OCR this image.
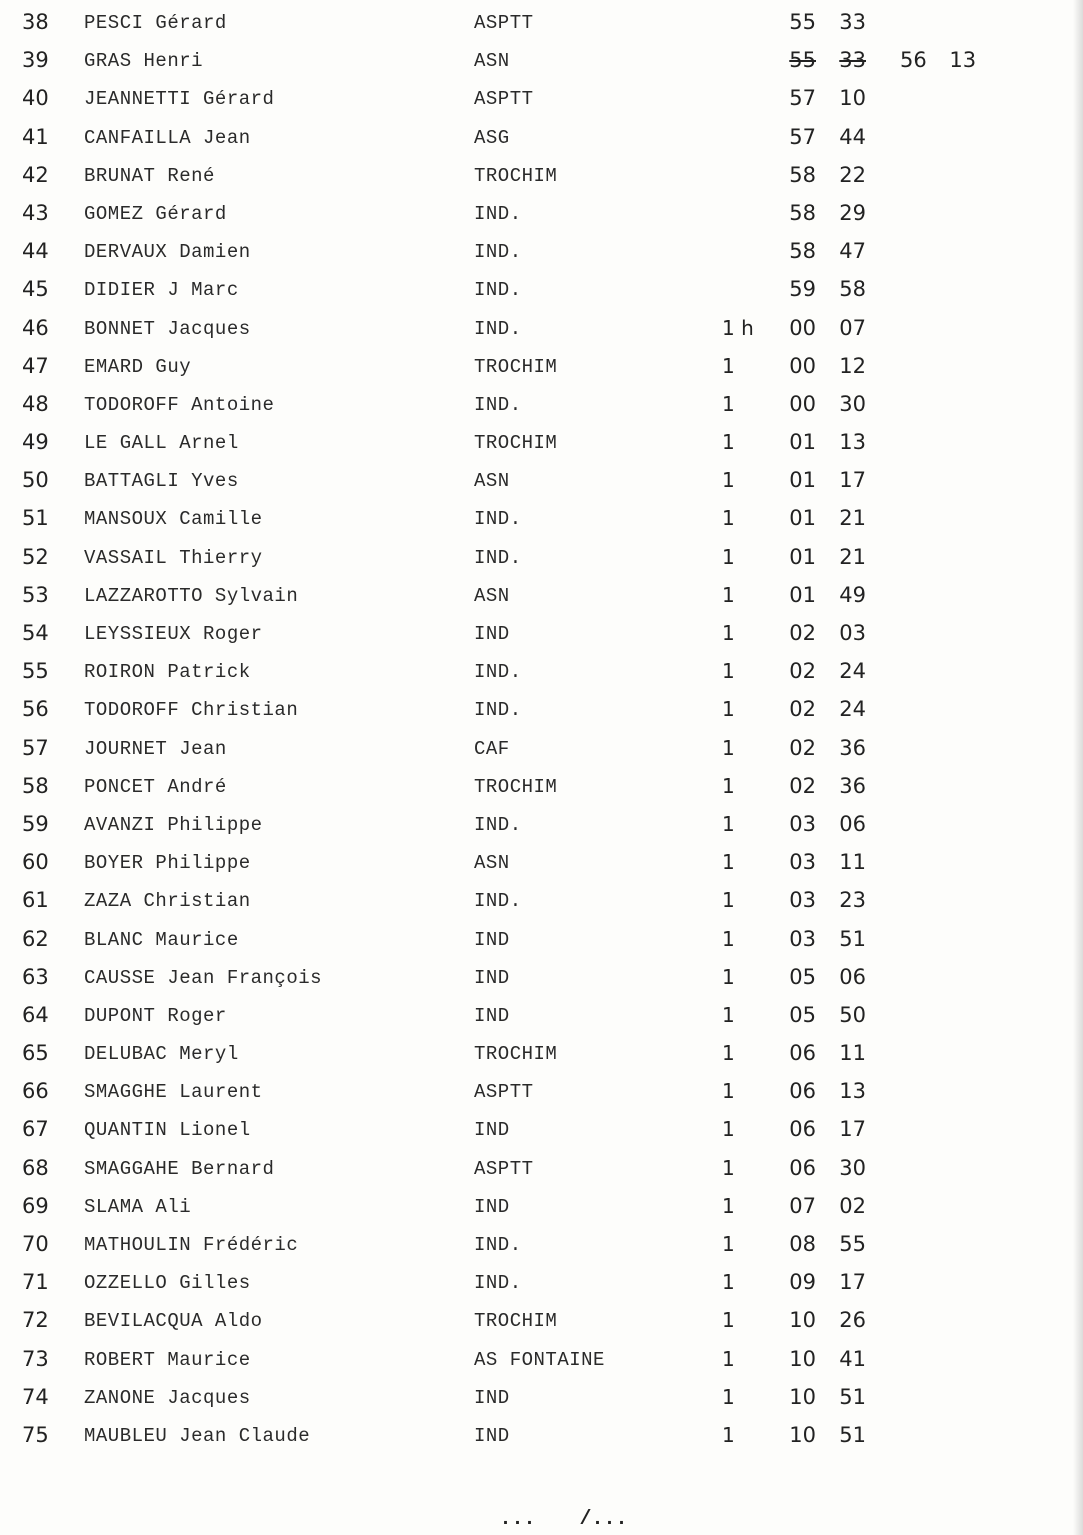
38 PESCI Gérard	ASPTT	55 33
39 GRAS Henri	ASN	55 33 56 13
40 JEANNETTI Gérard	ASPTT	57 10
41 CANFAILLA Jean	ASG	57 44
42 BRUNAT René	TROCHIM	58 22
43 GOMEZ Gérard	IND.	58 29
44 DERVAUX Damien	IND.	58 47
45 DIDIER J Marc	IND.	59 58
46 BONNET Jacques	IND.	1 h 00 07
47 EMARD Guy	TROCHIM	1	00 12
48 TODOROFF Antoine	IND.	1	00 30
49 LE GALL Arnel	TROCHIM	1	01 13
50 BATTAGLI Yves	ASN	1	01 17
51 MANSOUX Camille	IND.	1	01 21
52 VASSAIL Thierry	IND.	1	01 21
53 LAZZAROTTO Sylvain	ASN	1	01 49
54 LEYSSIEUX Roger	IND	1	02 03
55 ROIRON Patrick	IND.	1	02 24
56 TODOROFF Christian	IND.	1	02 24
57 JOURNET Jean	CAF	1	02 36
58 PONCET André	TROCHIM	1	02 36
59 AVANZI Philippe	IND.	1	03 06
60 BOYER Philippe	ASN	1	03 11
61 ZAZA Christian	IND.	1	03 23
62 BLANC Maurice	IND	1	03 51
63 CAUSSE Jean François	IND	1	05 06
64 DUPONT Roger	IND	1	05 50
65 DELUBAC Meryl	TROCHIM	1	06 11
66 SMAGGHE Laurent	ASPTT	1	06 13
67 QUANTIN Lionel	IND	1	06 17
68 SMAGGAHE Bernard	ASPTT	1	06 30
69 SLAMA Ali	IND	1	07 02
70 MATHOULIN Frédéric	IND.	1	08 55
71 OZZELLO Gilles	IND.	1	09 17
72 BEVILACQUA Aldo	TROCHIM	1	10 26
73 ROBERT Maurice	AS FONTAINE	1	10 41
74 ZANONE Jacques	IND	1	10 51
75 MAUBLEU Jean Claude	IND	1	10 51
... /...
